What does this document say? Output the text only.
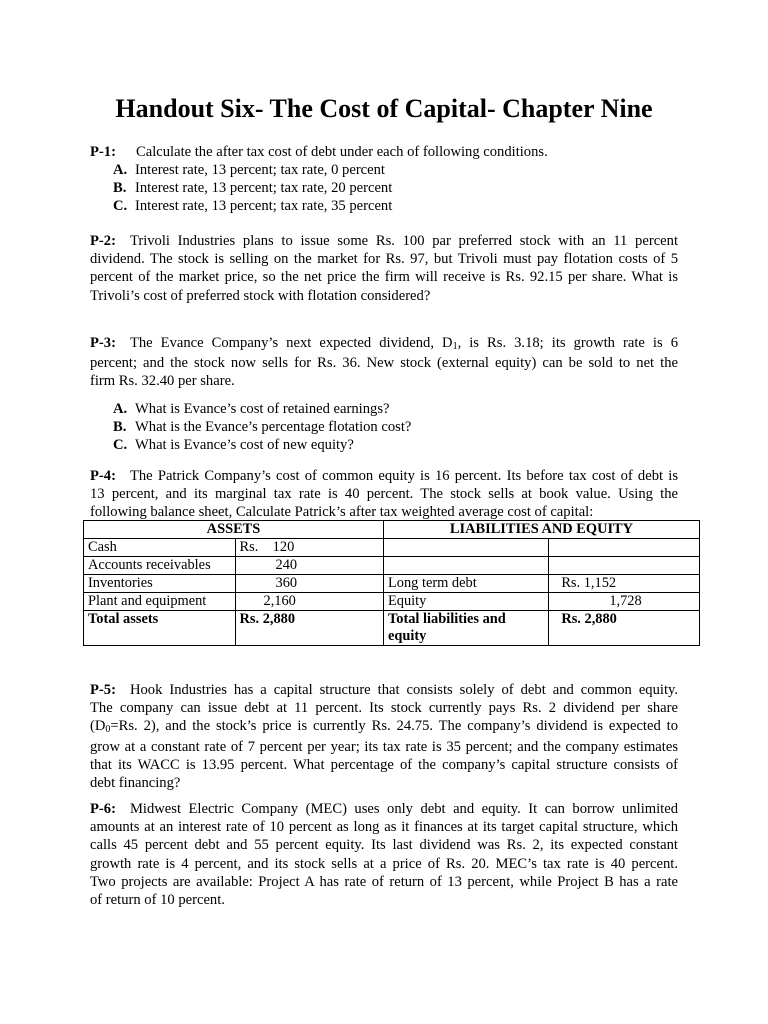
Handout Six- The Cost of Capital- Chapter Nine
P-1:	Calculate the after tax cost of debt under each of following conditions.
A. Interest rate, 13 percent; tax rate, 0 percent
B. Interest rate, 13 percent; tax rate, 20 percent
C. Interest rate, 13 percent; tax rate, 35 percent
P-2: Trivoli Industries plans to issue some Rs. 100 par preferred stock with an 11 percent
dividend. The stock is selling on the market for Rs. 97, but Trivoli must pay flotation costs of 5
percent of the market price, so the net price the firm will receive is Rs. 92.15 per share. What is
Trivoli’s cost of preferred stock with flotation considered?
P-3: The Evance Company’s next expected dividend, $D_1$, is Rs. 3.18; its growth rate is 6
percent; and the stock now sells for Rs. 36. New stock (external equity) can be sold to net the
firm Rs. 32.40 per share.
A. What is Evance’s cost of retained earnings?
B. What is the Evance’s percentage flotation cost?
C. What is Evance’s cost of new equity?
P-4: The Patrick Company’s cost of common equity is 16 percent. Its before tax cost of debt is
13 percent, and its marginal tax rate is 40 percent. The stock sells at book value. Using the
following balance sheet, Calculate Patrick’s after tax weighted average cost of capital:
ASSETS		LIABILITIES AND EQUITY	
Cash	Rs.    120		
Accounts receivables	240		
Inventories	360	Long term debt	Rs. 1,152
Plant and equipment	2,160	Equity	1,728
Total assets	Rs. 2,880	Total liabilities and equity	Rs. 2,880
P-5: Hook Industries has a capital structure that consists solely of debt and common equity.
The company can issue debt at 11 percent. Its stock currently pays Rs. 2 dividend per share
($D_0=Rs$. 2), and the stock’s price is currently Rs. 24.75. The company’s dividend is expected to
grow at a constant rate of 7 percent per year; its tax rate is 35 percent; and the company estimates
that its WACC is 13.95 percent. What percentage of the company’s capital structure consists of
debt financing?
P-6: Midwest Electric Company (MEC) uses only debt and equity. It can borrow unlimited
amounts at an interest rate of 10 percent as long as it finances at its target capital structure, which
calls 45 percent debt and 55 percent equity. Its last dividend was Rs. 2, its expected constant
growth rate is 4 percent, and its stock sells at a price of Rs. 20. MEC’s tax rate is 40 percent.
Two projects are available: Project A has rate of return of 13 percent, while Project B has a rate
of return of 10 percent.
